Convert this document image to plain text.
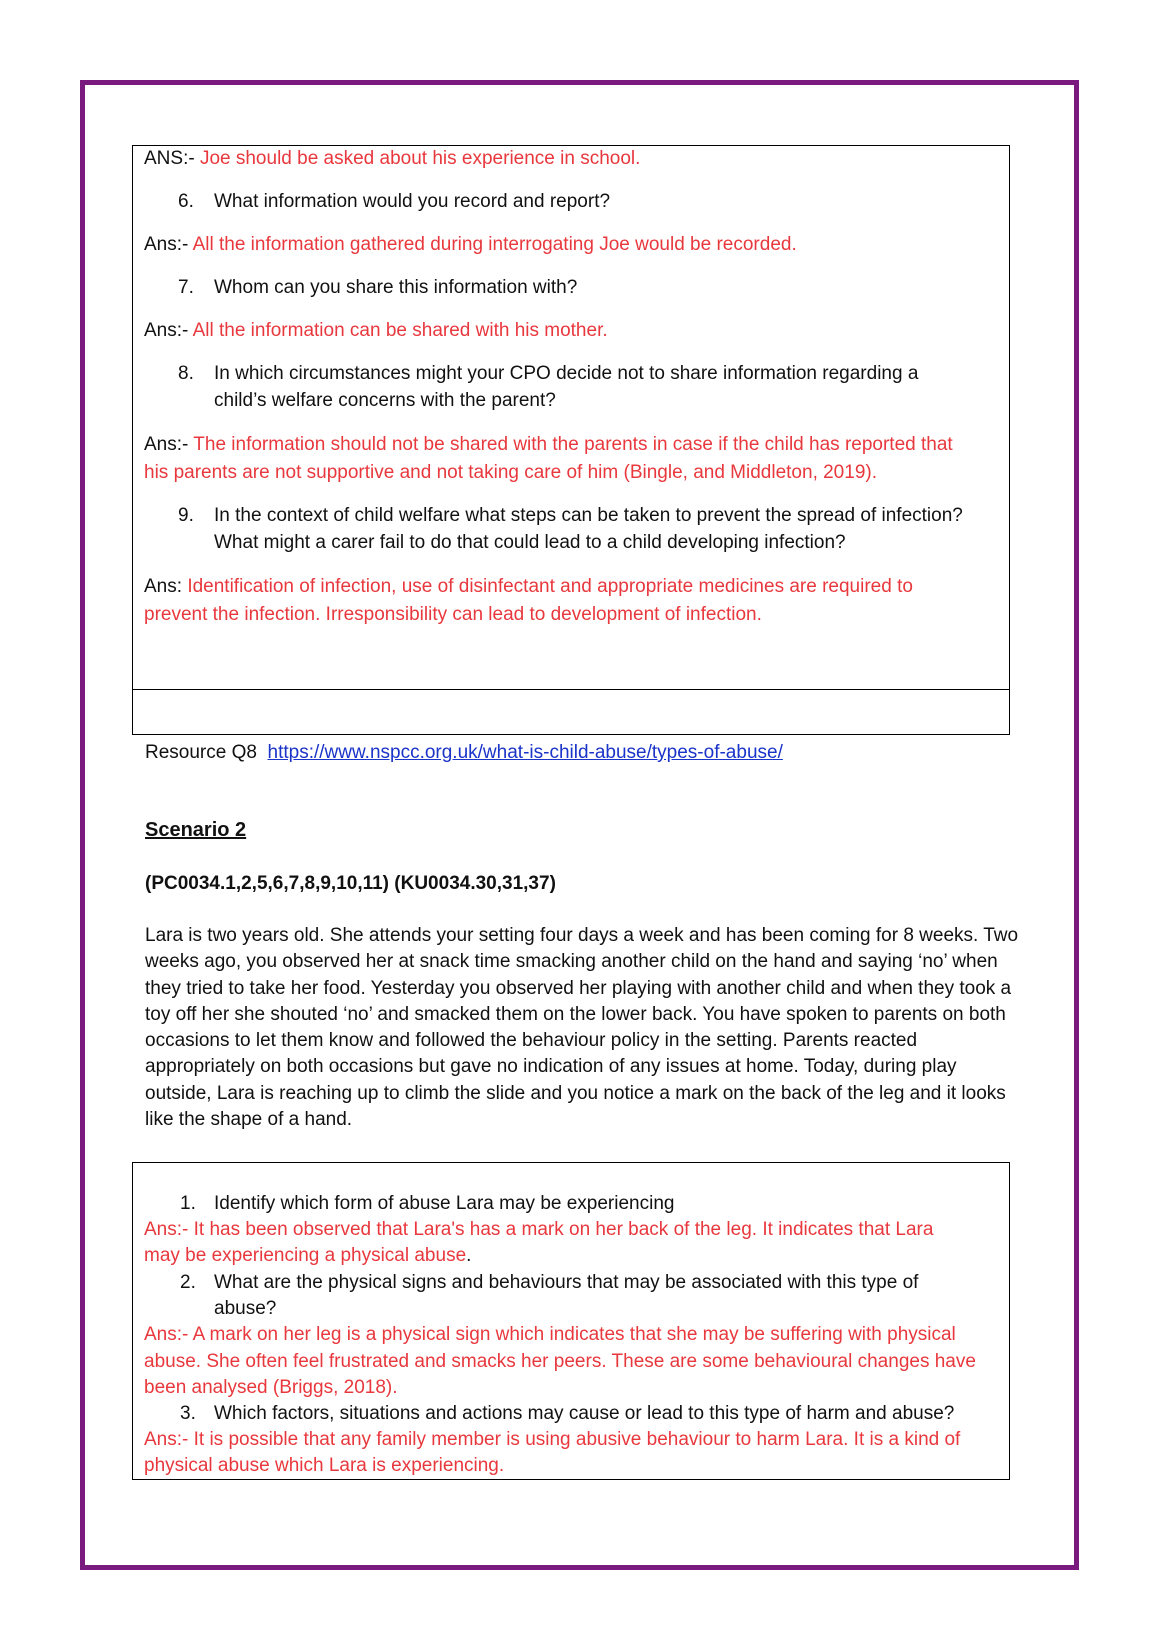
ANS:- Joe should be asked about his experience in school.
6. What information would you record and report?
Ans:- All the information gathered during interrogating Joe would be recorded.
7. Whom can you share this information with?
Ans:- All the information can be shared with his mother.
8. In which circumstances might your CPO decide not to share information regarding a
child’s welfare concerns with the parent?
Ans:- The information should not be shared with the parents in case if the child has reported that
his parents are not supportive and not taking care of him (Bingle, and Middleton, 2019).
9. In the context of child welfare what steps can be taken to prevent the spread of infection?
What might a carer fail to do that could lead to a child developing infection?
Ans: Identification of infection, use of disinfectant and appropriate medicines are required to
prevent the infection. Irresponsibility can lead to development of infection.
Resource Q8 https://www.nspcc.org.uk/what-is-child-abuse/types-of-abuse/
Scenario 2
(PC0034.1,2,5,6,7,8,9,10,11) (KU0034.30,31,37)
Lara is two years old. She attends your setting four days a week and has been coming for 8 weeks. Two weeks ago, you observed her at snack time smacking another child on the hand and saying ‘no’ when they tried to take her food. Yesterday you observed her playing with another child and when they took a toy off her she shouted ‘no’ and smacked them on the lower back. You have spoken to parents on both occasions to let them know and followed the behaviour policy in the setting. Parents reacted appropriately on both occasions but gave no indication of any issues at home. Today, during play outside, Lara is reaching up to climb the slide and you notice a mark on the back of the leg and it looks like the shape of a hand.
1. Identify which form of abuse Lara may be experiencing
Ans:- It has been observed that Lara's has a mark on her back of the leg. It indicates that Lara
may be experiencing a physical abuse.
2. What are the physical signs and behaviours that may be associated with this type of
abuse?
Ans:- A mark on her leg is a physical sign which indicates that she may be suffering with physical
abuse. She often feel frustrated and smacks her peers. These are some behavioural changes have
been analysed (Briggs, 2018).
3. Which factors, situations and actions may cause or lead to this type of harm and abuse?
Ans:- It is possible that any family member is using abusive behaviour to harm Lara. It is a kind of
physical abuse which Lara is experiencing.
